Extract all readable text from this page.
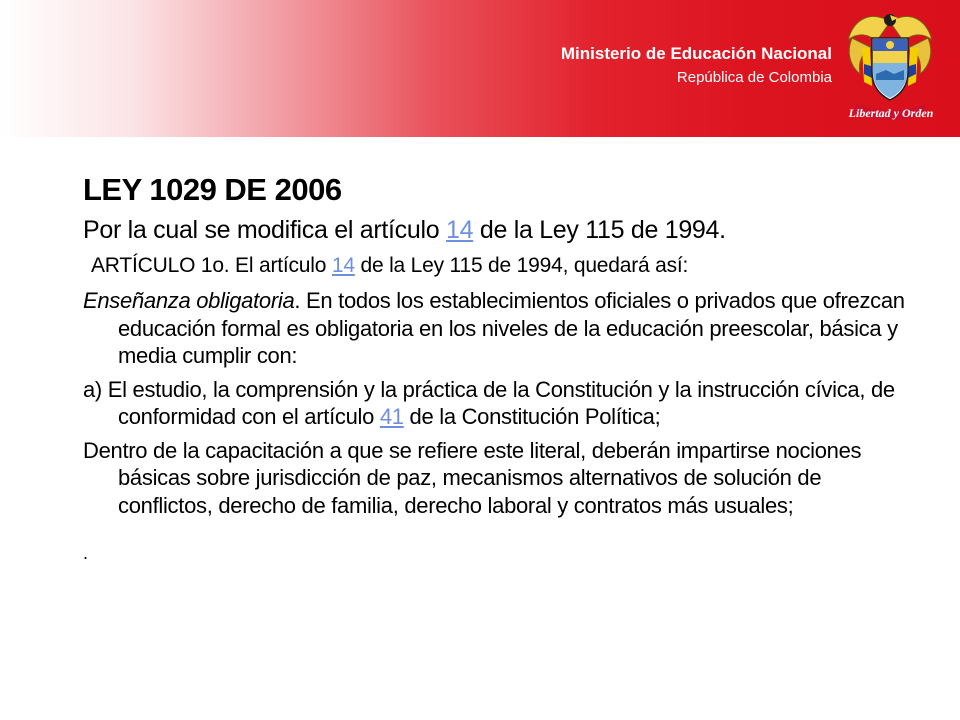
Ministerio de Educación Nacional
República de Colombia
Libertad y Orden
LEY 1029 DE 2006
Por la cual se modifica el artículo 14 de la Ley 115 de 1994.
ARTÍCULO 1o. El artículo 14 de la Ley 115 de 1994, quedará así:
Enseñanza obligatoria. En todos los establecimientos oficiales o privados que ofrezcan educación formal es obligatoria en los niveles de la educación preescolar, básica y media cumplir con:
a) El estudio, la comprensión y la práctica de la Constitución y la instrucción cívica, de conformidad con el artículo 41 de la Constitución Política;
Dentro de la capacitación a que se refiere este literal, deberán impartirse nociones básicas sobre jurisdicción de paz, mecanismos alternativos de solución de conflictos, derecho de familia, derecho laboral y contratos más usuales;
.
